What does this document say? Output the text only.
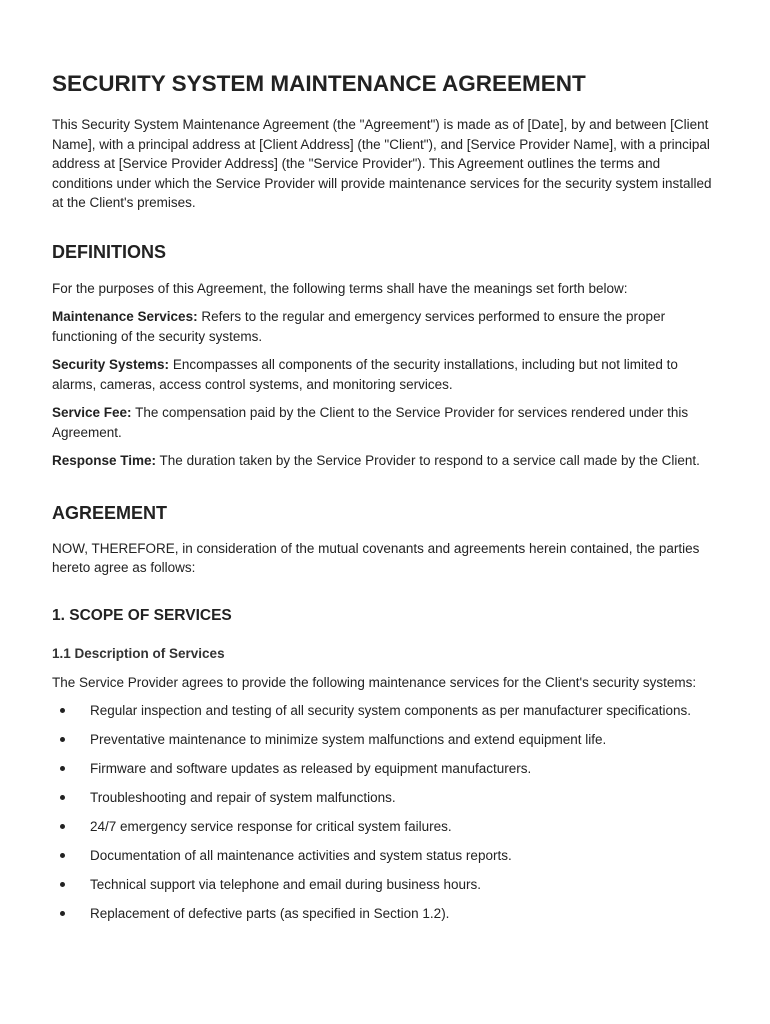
SECURITY SYSTEM MAINTENANCE AGREEMENT

This Security System Maintenance Agreement (the "Agreement") is made as of [Date], by and between [Client Name], with a principal address at [Client Address] (the "Client"), and [Service Provider Name], with a principal address at [Service Provider Address] (the "Service Provider"). This Agreement outlines the terms and conditions under which the Service Provider will provide maintenance services for the security system installed at the Client's premises.

DEFINITIONS

For the purposes of this Agreement, the following terms shall have the meanings set forth below:

Maintenance Services: Refers to the regular and emergency services performed to ensure the proper functioning of the security systems.

Security Systems: Encompasses all components of the security installations, including but not limited to alarms, cameras, access control systems, and monitoring services.

Service Fee: The compensation paid by the Client to the Service Provider for services rendered under this Agreement.

Response Time: The duration taken by the Service Provider to respond to a service call made by the Client.

AGREEMENT

NOW, THEREFORE, in consideration of the mutual covenants and agreements herein contained, the parties hereto agree as follows:

1. SCOPE OF SERVICES
1.1 Description of Services

The Service Provider agrees to provide the following maintenance services for the Client's security systems:

Regular inspection and testing of all security system components as per manufacturer specifications.
Preventative maintenance to minimize system malfunctions and extend equipment life.
Firmware and software updates as released by equipment manufacturers.
Troubleshooting and repair of system malfunctions.
24/7 emergency service response for critical system failures.
Documentation of all maintenance activities and system status reports.
Technical support via telephone and email during business hours.
Replacement of defective parts (as specified in Section 1.2).
